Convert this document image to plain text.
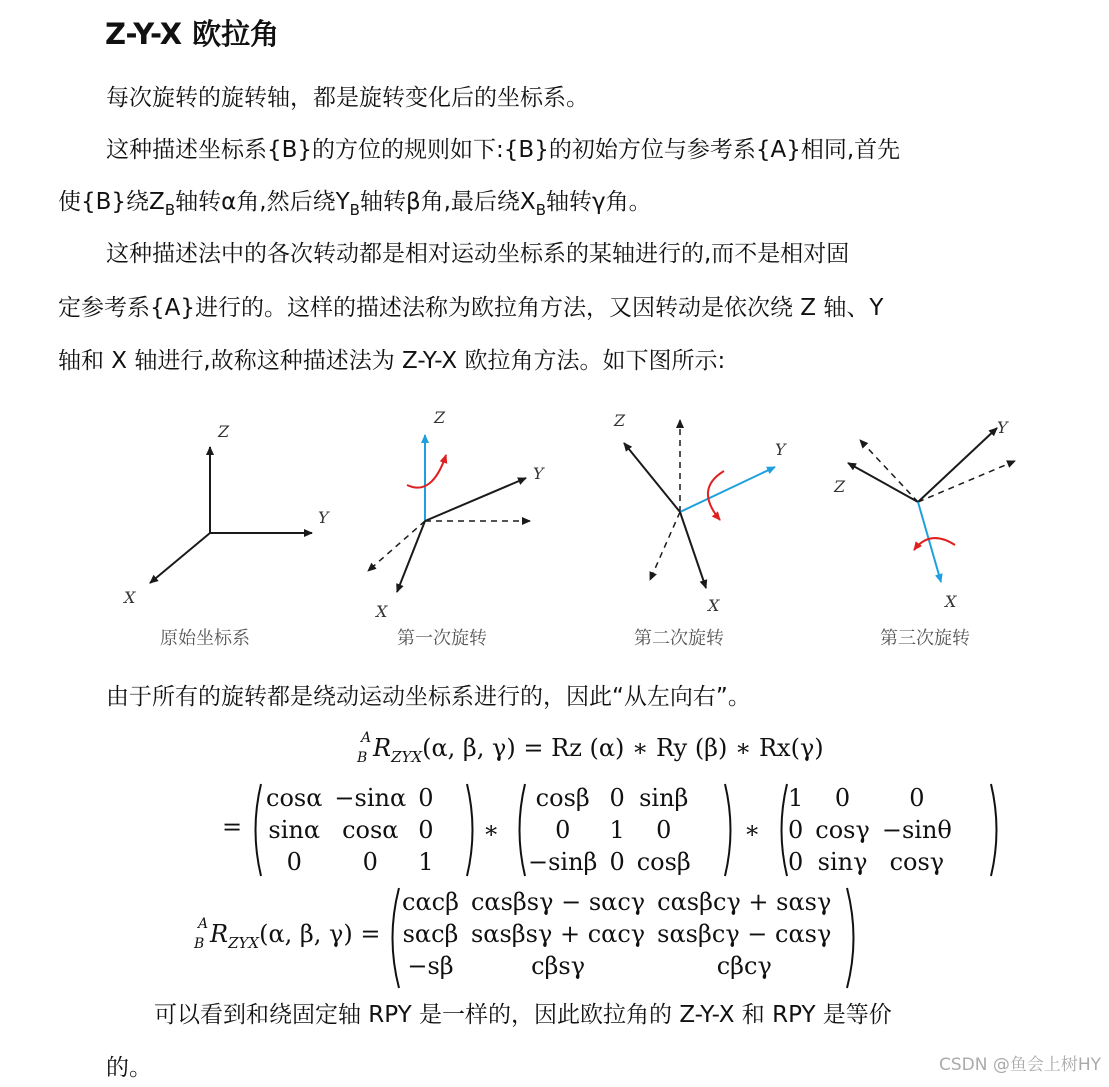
Z-Y-X 欧拉角
每次旋转的旋转轴，都是旋转变化后的坐标系。
这种描述坐标系{B}的方位的规则如下:{B}的初始方位与参考系{A}相同,首先
使{B}绕$Z_B$轴转α角,然后绕$Y_B$轴转β角,最后绕$X_B$轴转γ角。
这种描述法中的各次转动都是相对运动坐标系的某轴进行的,而不是相对固
定参考系{A}进行的。这样的描述法称为欧拉角方法，又因转动是依次绕 Z 轴、Y
轴和 X 轴进行,故称这种描述法为 Z-Y-X 欧拉角方法。如下图所示:
Z
Y
X
Z
Y
X
Z
Y
X
Z
Y
X
原始坐标系	第一次旋转	第二次旋转	第三次旋转
由于所有的旋转都是绕动运动坐标系进行的，因此“从左向右”。
A
B $R_{ZYX}(\alpha$, β, γ) = Rz (α) ∗ Ry (β) ∗ Rx(γ)
=
cosα	−sinα	0
sinα	cosα	0
0	0	1
∗
cosβ	0	sinβ
0	1	0
−sinβ	0	cosβ
∗
1	0	0
0	cosγ	−sinθ
0	sinγ	cosγ
A
B $R_{ZYX}(\alpha$, β, γ) =
cαcβ	cαsβsγ − sαcγ	cαsβcγ + sαsγ
sαcβ	sαsβsγ + cαcγ	sαsβcγ − cαsγ
−sβ	cβsγ	cβcγ
可以看到和绕固定轴 RPY 是一样的，因此欧拉角的 Z-Y-X 和 RPY 是等价
的。	CSDN @鱼会上树HY
